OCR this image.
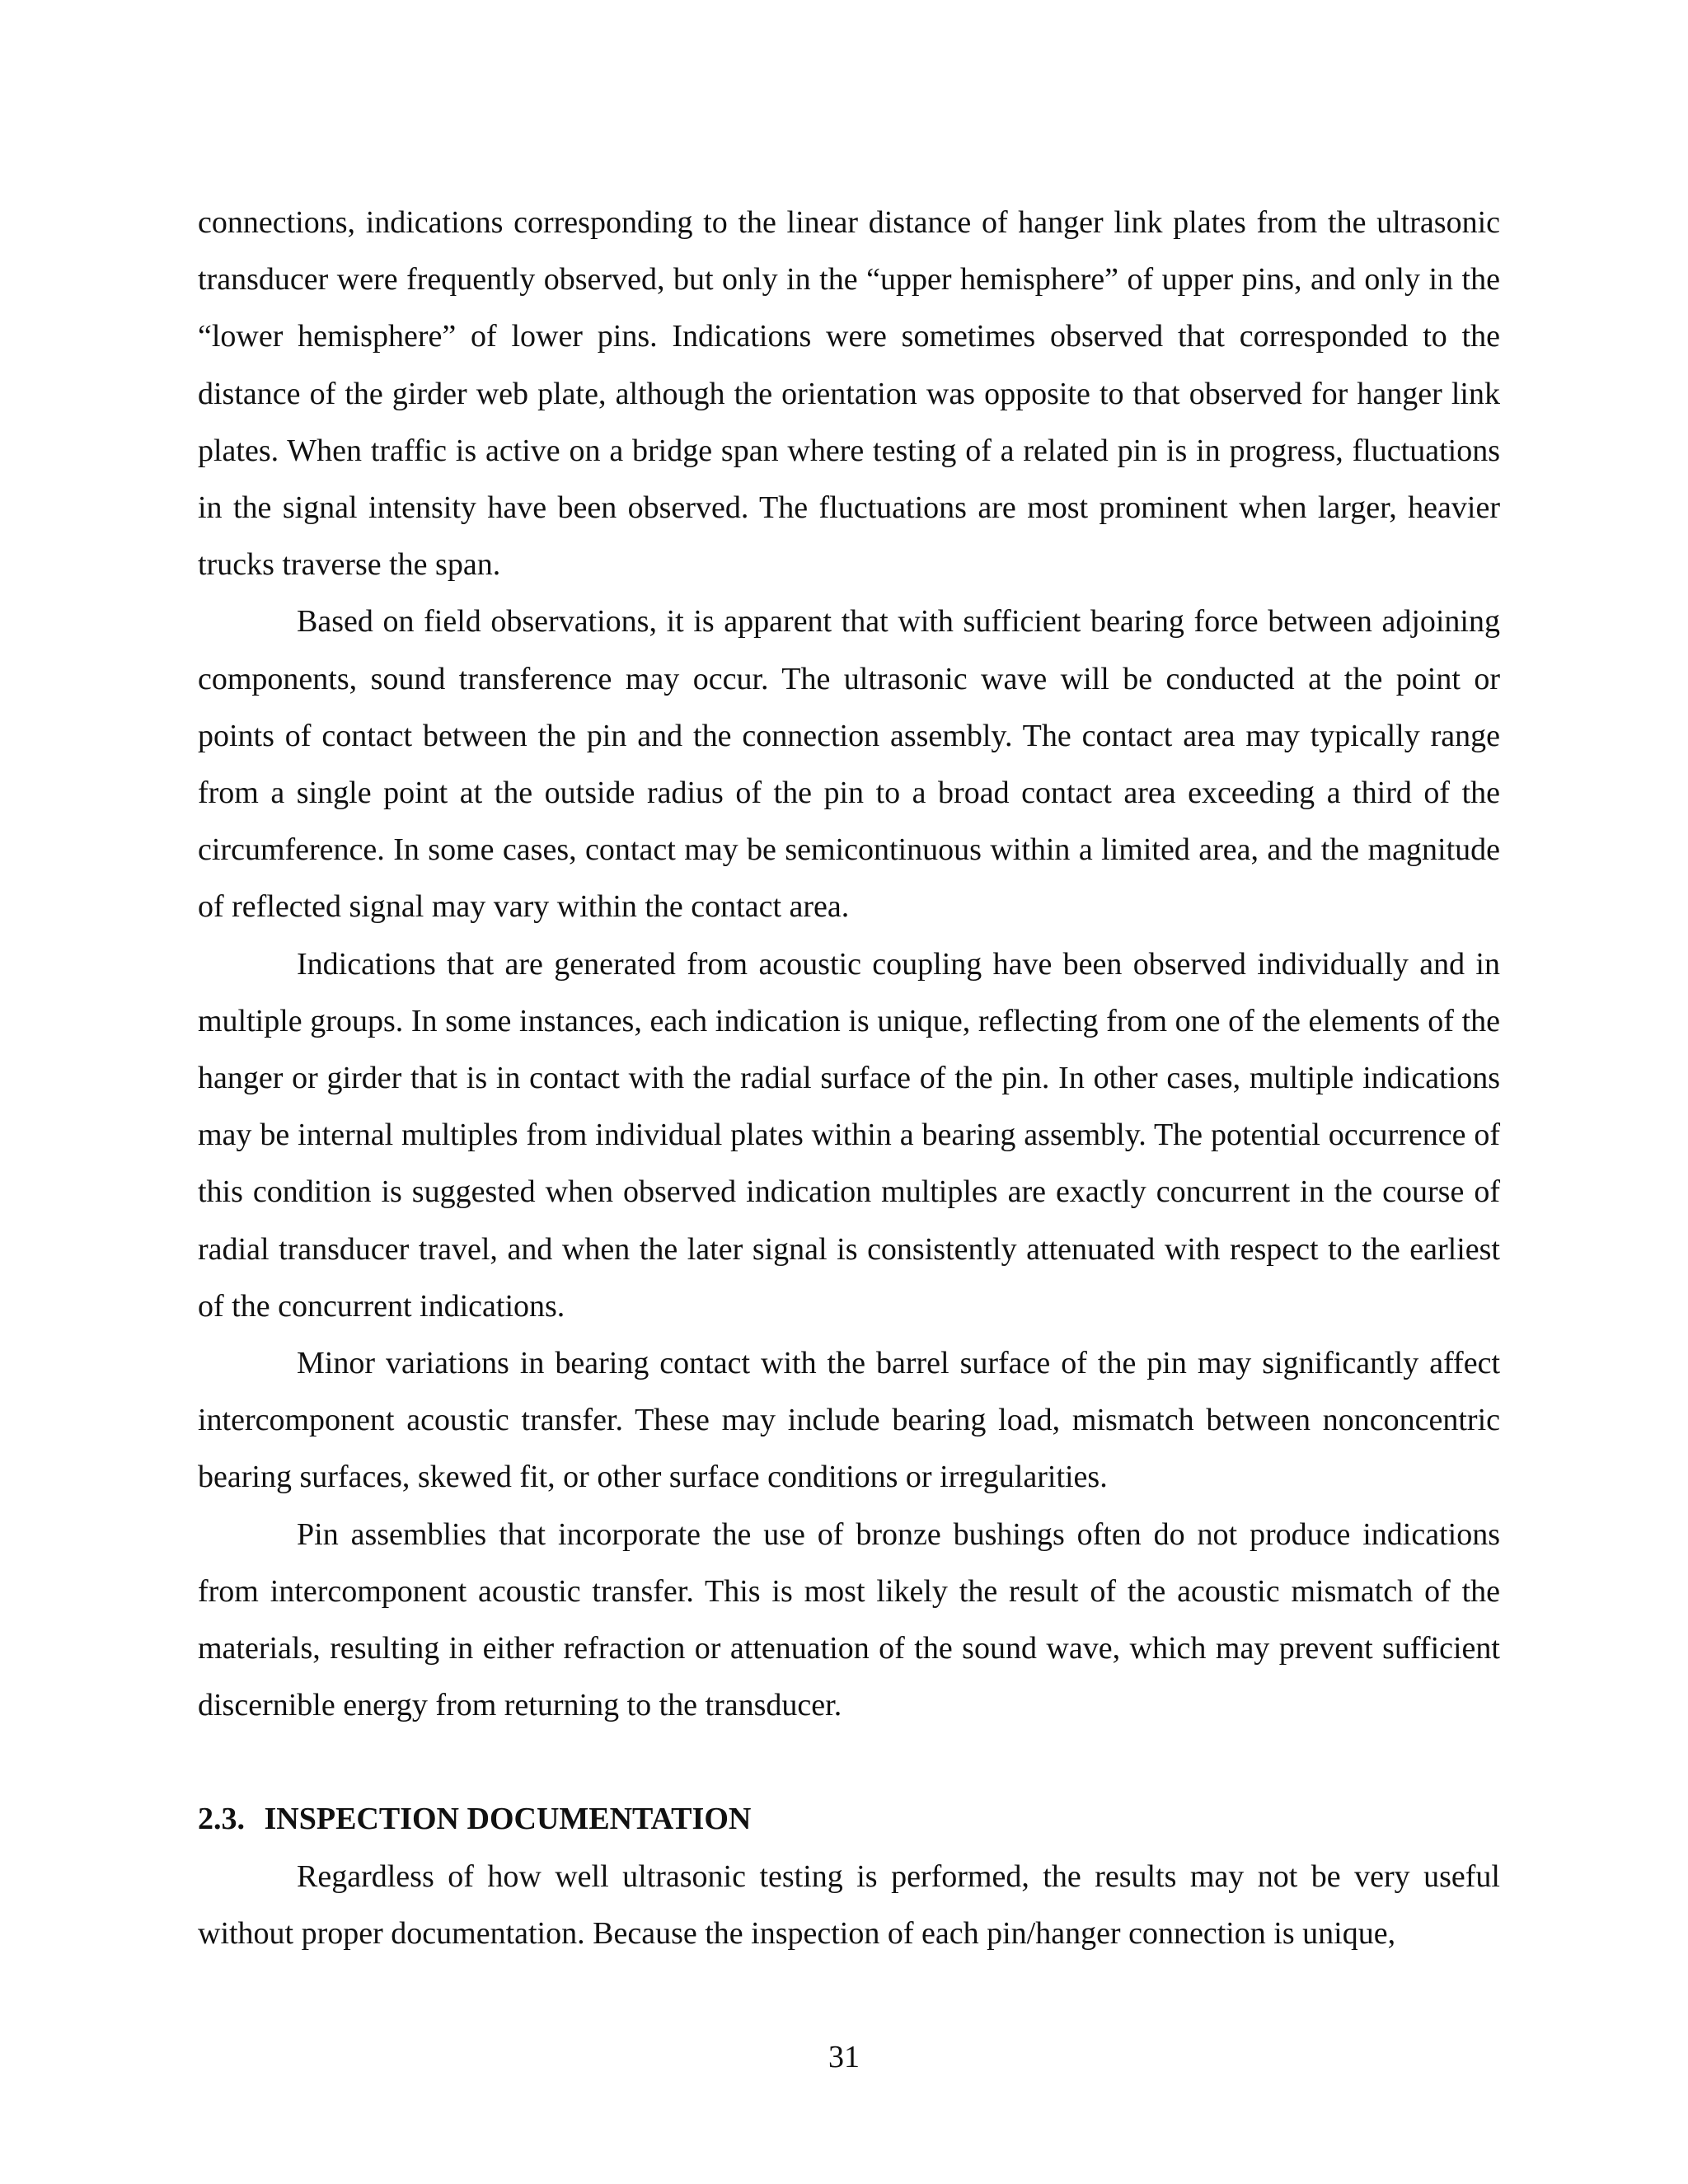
connections, indications corresponding to the linear distance of hanger link plates from the ultrasonic transducer were frequently observed, but only in the “upper hemisphere” of upper pins, and only in the “lower hemisphere” of lower pins. Indications were sometimes observed that corresponded to the distance of the girder web plate, although the orientation was opposite to that observed for hanger link plates. When traffic is active on a bridge span where testing of a related pin is in progress, fluctuations in the signal intensity have been observed. The fluctuations are most prominent when larger, heavier trucks traverse the span.

Based on field observations, it is apparent that with sufficient bearing force between adjoining components, sound transference may occur. The ultrasonic wave will be conducted at the point or points of contact between the pin and the connection assembly. The contact area may typically range from a single point at the outside radius of the pin to a broad contact area exceeding a third of the circumference. In some cases, contact may be semicontinuous within a limited area, and the magnitude of reflected signal may vary within the contact area.

Indications that are generated from acoustic coupling have been observed individually and in multiple groups. In some instances, each indication is unique, reflecting from one of the elements of the hanger or girder that is in contact with the radial surface of the pin. In other cases, multiple indications may be internal multiples from individual plates within a bearing assembly. The potential occurrence of this condition is suggested when observed indication multiples are exactly concurrent in the course of radial transducer travel, and when the later signal is consistently attenuated with respect to the earliest of the concurrent indications.

Minor variations in bearing contact with the barrel surface of the pin may significantly affect intercomponent acoustic transfer. These may include bearing load, mismatch between nonconcentric bearing surfaces, skewed fit, or other surface conditions or irregularities.

Pin assemblies that incorporate the use of bronze bushings often do not produce indications from intercomponent acoustic transfer. This is most likely the result of the acoustic mismatch of the materials, resulting in either refraction or attenuation of the sound wave, which may prevent sufficient discernible energy from returning to the transducer.

2.3. INSPECTION DOCUMENTATION

Regardless of how well ultrasonic testing is performed, the results may not be very useful without proper documentation. Because the inspection of each pin/hanger connection is unique,

31
